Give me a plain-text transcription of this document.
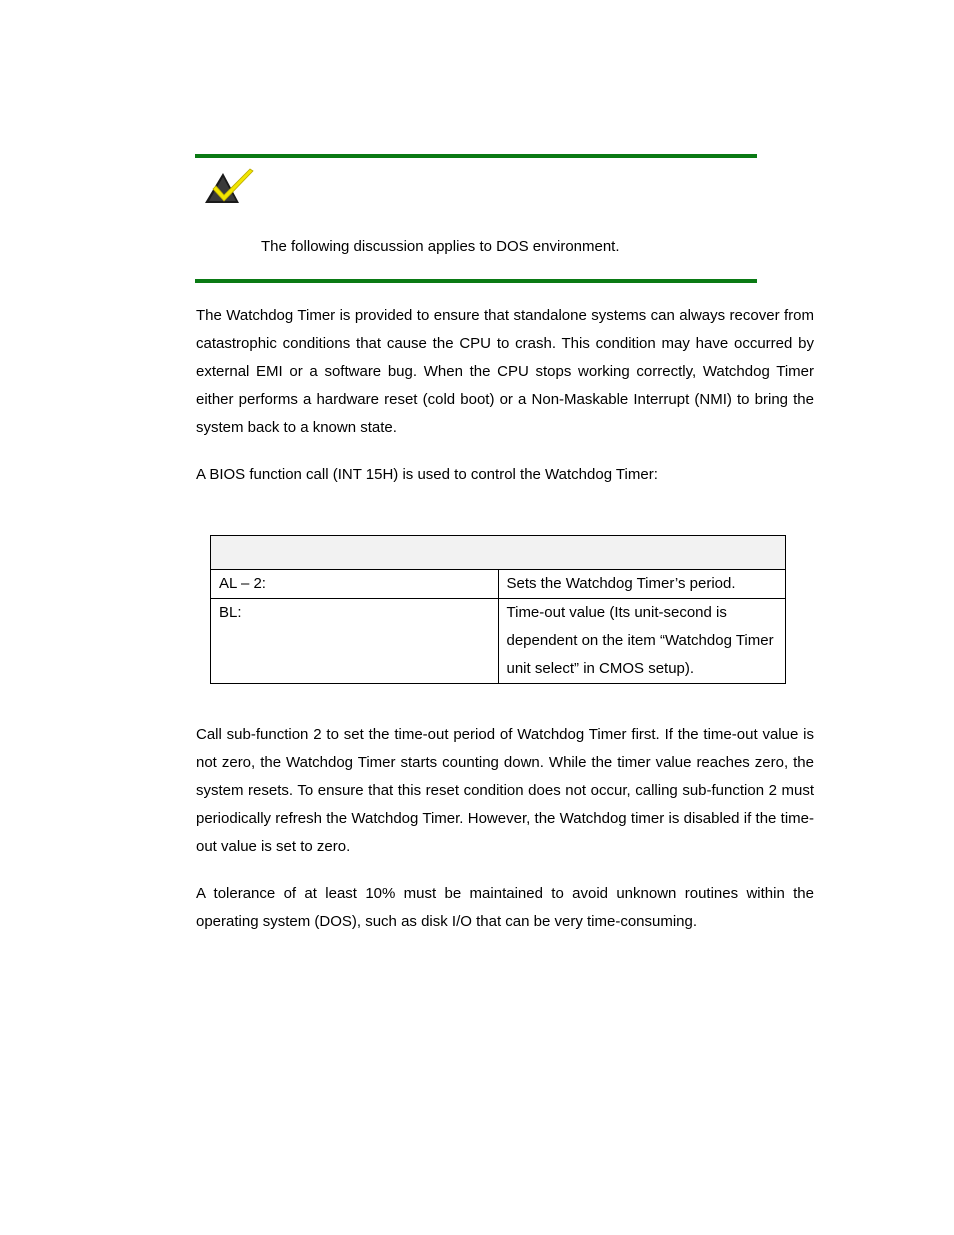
The following discussion applies to DOS environment.

The Watchdog Timer is provided to ensure that standalone systems can always recover from catastrophic conditions that cause the CPU to crash. This condition may have occurred by external EMI or a software bug. When the CPU stops working correctly, Watchdog Timer either performs a hardware reset (cold boot) or a Non-Maskable Interrupt (NMI) to bring the system back to a known state.

A BIOS function call (INT 15H) is used to control the Watchdog Timer:

AL – 2:	Sets the Watchdog Timer’s period.
BL:	Time-out value (Its unit-second is dependent on the item “Watchdog Timer unit select” in CMOS setup).

Call sub-function 2 to set the time-out period of Watchdog Timer first. If the time-out value is not zero, the Watchdog Timer starts counting down. While the timer value reaches zero, the system resets. To ensure that this reset condition does not occur, calling sub-function 2 must periodically refresh the Watchdog Timer. However, the Watchdog timer is disabled if the time-out value is set to zero.

A tolerance of at least 10% must be maintained to avoid unknown routines within the operating system (DOS), such as disk I/O that can be very time-consuming.
